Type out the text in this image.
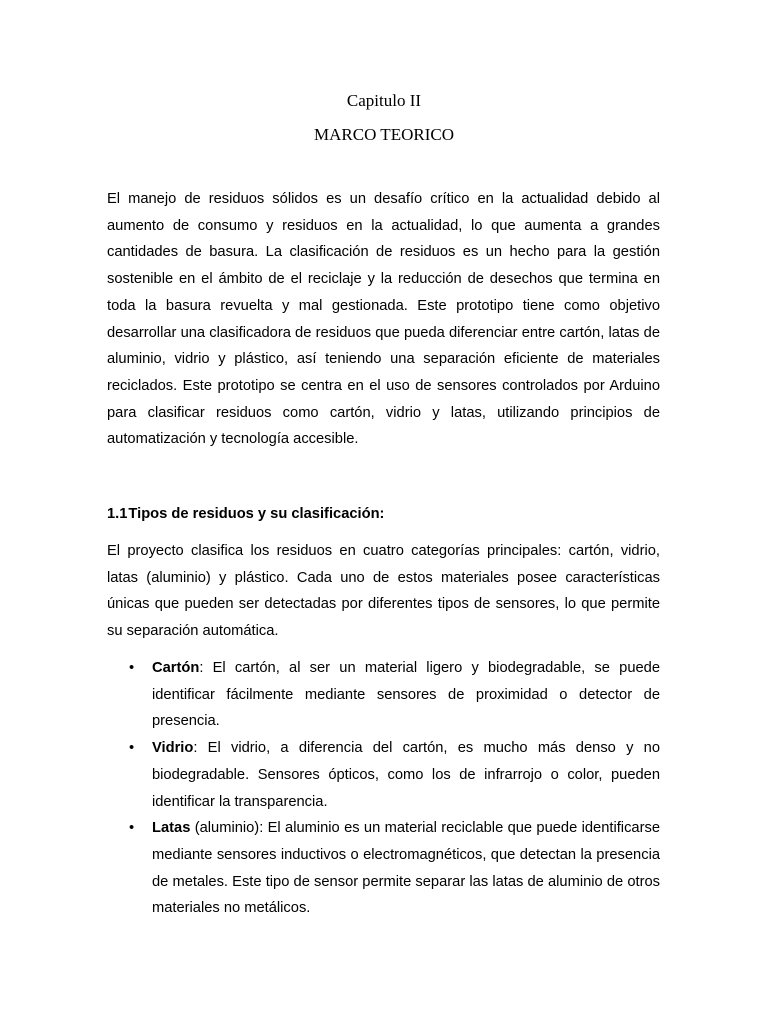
Capitulo II
MARCO TEORICO

El manejo de residuos sólidos es un desafío crítico en la actualidad debido al aumento de consumo y residuos en la actualidad, lo que aumenta a grandes cantidades de basura. La clasificación de residuos es un hecho para la gestión sostenible en el ámbito de el reciclaje y la reducción de desechos que termina en toda la basura revuelta y mal gestionada. Este prototipo tiene como objetivo desarrollar una clasificadora de residuos que pueda diferenciar entre cartón, latas de aluminio, vidrio y plástico, así teniendo una separación eficiente de materiales reciclados. Este prototipo se centra en el uso de sensores controlados por Arduino para clasificar residuos como cartón, vidrio y latas, utilizando principios de automatización y tecnología accesible.

1.1Tipos de residuos y su clasificación:

El proyecto clasifica los residuos en cuatro categorías principales: cartón, vidrio, latas (aluminio) y plástico. Cada uno de estos materiales posee características únicas que pueden ser detectadas por diferentes tipos de sensores, lo que permite su separación automática.

• Cartón: El cartón, al ser un material ligero y biodegradable, se puede identificar fácilmente mediante sensores de proximidad o detector de presencia.
• Vidrio: El vidrio, a diferencia del cartón, es mucho más denso y no biodegradable. Sensores ópticos, como los de infrarrojo o color, pueden identificar la transparencia.
• Latas (aluminio): El aluminio es un material reciclable que puede identificarse mediante sensores inductivos o electromagnéticos, que detectan la presencia de metales. Este tipo de sensor permite separar las latas de aluminio de otros materiales no metálicos.
